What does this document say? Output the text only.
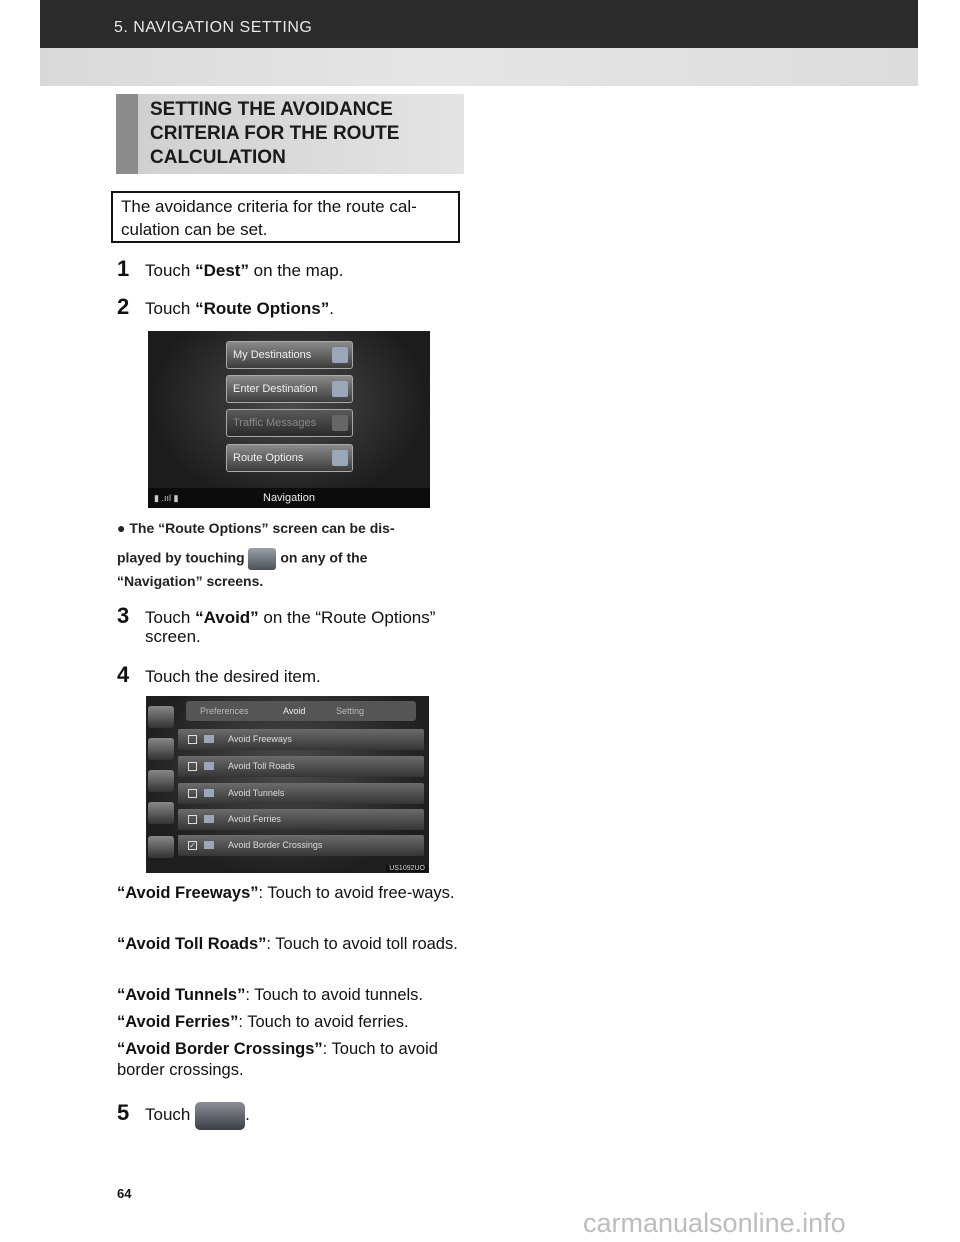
5. NAVIGATION SETTING
SETTING THE AVOIDANCE CRITERIA FOR THE ROUTE CALCULATION
The avoidance criteria for the route cal-
culation can be set.
1 Touch “Dest” on the map.
2 Touch “Route Options”.
My Destinations
Enter Destination
Traffic Messages
Route Options
▮ .ııl ▮	Navigation
● The “Route Options” screen can be dis-
played by touching	on any of the
“Navigation” screens.
3 Touch “Avoid” on the “Route Options”
screen.
4 Touch the desired item.
Preferences	Avoid	Setting
Avoid Freeways
Avoid Toll Roads
Avoid Tunnels
Avoid Ferries
✓	Avoid Border Crossings
US1092UO
“Avoid Freeways”: Touch to avoid free-ways.
“Avoid Toll Roads”: Touch to avoid toll roads.
“Avoid Tunnels”: Touch to avoid tunnels.
“Avoid Ferries”: Touch to avoid ferries.
“Avoid Border Crossings”: Touch to avoid border crossings.
5 Touch	.
64
carmanualsonline.info
